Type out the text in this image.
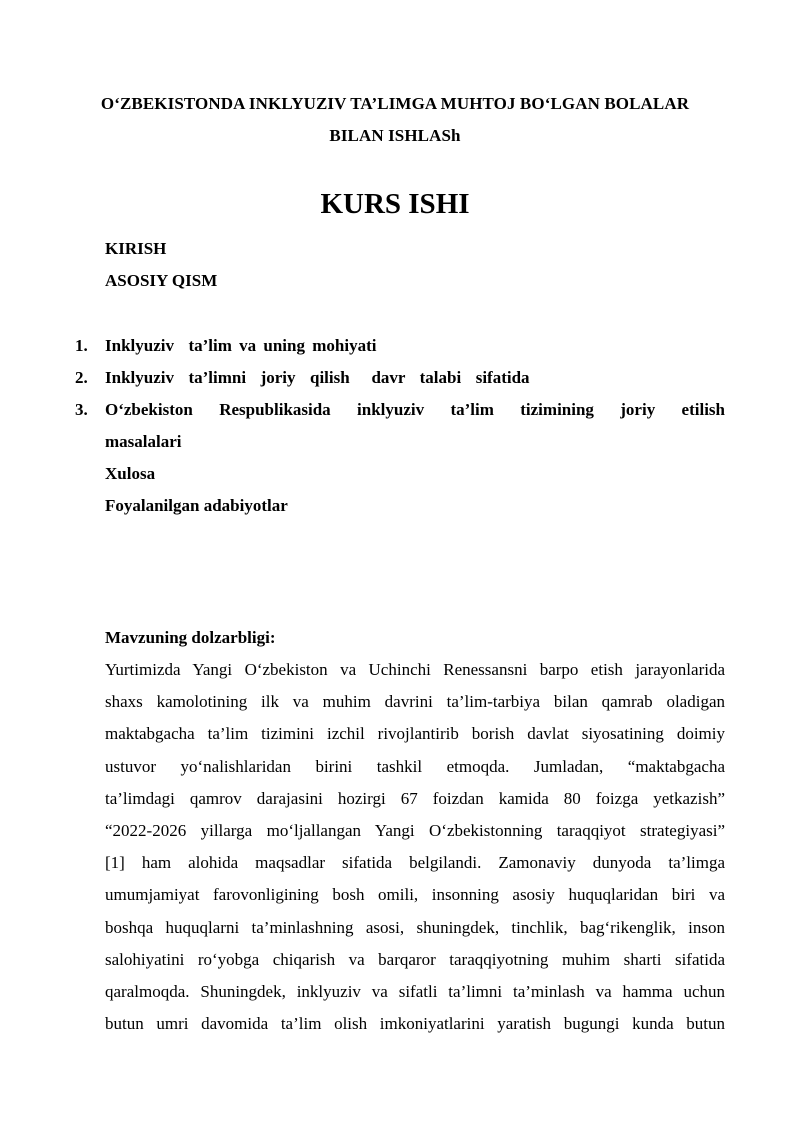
O‘ZBEKISTONDA INKLYUZIV TA’LIMGA MUHTOJ BO‘LGAN BOLALAR
BILAN ISHLASh
KURS ISHI
KIRISH
ASOSIY QISM
1.	Inklyuziv  ta’lim va uning mohiyati
2.	Inklyuziv  ta’limni  joriy  qilish   davr  talabi  sifatida
3.	O‘zbekiston Respublikasida inklyuziv ta’lim tizimining joriy etilish
masalalari
Xulosa
Foyalanilgan adabiyotlar
Mavzuning dolzarbligi:
Yurtimizda Yangi O‘zbekiston va Uchinchi Renessansni barpo etish jarayonlarida
shaxs kamolotining ilk va muhim davrini ta’lim-tarbiya bilan qamrab oladigan
maktabgacha ta’lim tizimini izchil rivojlantirib borish davlat siyosatining doimiy
ustuvor yo‘nalishlaridan birini tashkil etmoqda. Jumladan, “maktabgacha
ta’limdagi qamrov darajasini hozirgi 67 foizdan kamida 80 foizga yetkazish”
“2022-2026 yillarga mo‘ljallangan Yangi O‘zbekistonning taraqqiyot strategiyasi”
[1] ham alohida maqsadlar sifatida belgilandi. Zamonaviy dunyoda ta’limga
umumjamiyat farovonligining bosh omili, insonning asosiy huquqlaridan biri va
boshqa huquqlarni ta’minlashning asosi, shuningdek, tinchlik, bag‘rikenglik, inson
salohiyatini ro‘yobga chiqarish va barqaror taraqqiyotning muhim sharti sifatida
qaralmoqda. Shuningdek, inklyuziv va sifatli ta’limni ta’minlash va hamma uchun
butun umri davomida ta’lim olish imkoniyatlarini yaratish bugungi kunda butun
